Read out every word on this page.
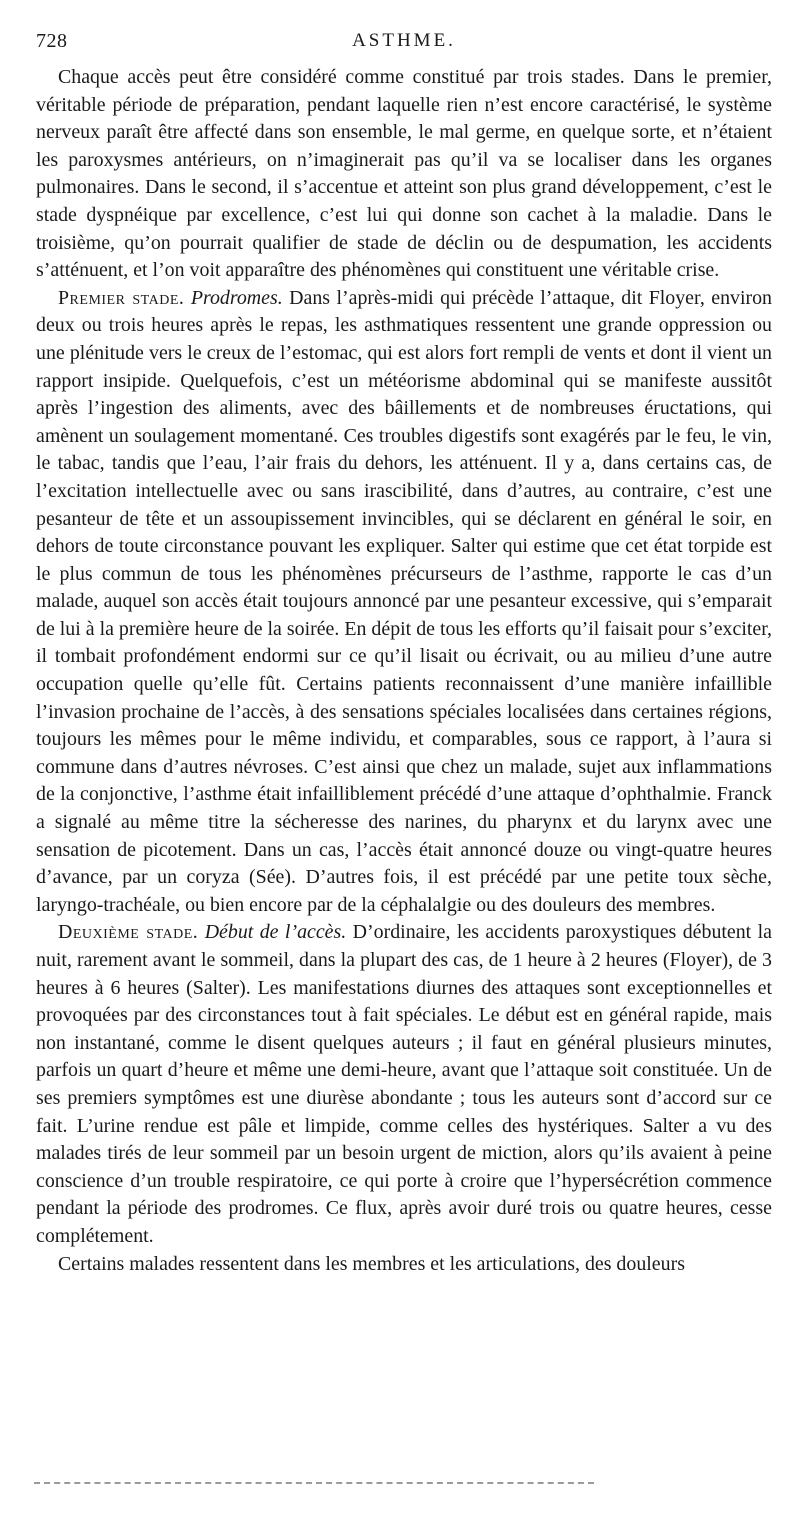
728	ASTHME.

Chaque accès peut être considéré comme constitué par trois stades. Dans le premier, véritable période de préparation, pendant laquelle rien n’est encore caractérisé, le système nerveux paraît être affecté dans son ensemble, le mal germe, en quelque sorte, et n’étaient les paroxysmes antérieurs, on n’imaginerait pas qu’il va se localiser dans les organes pulmonaires. Dans le second, il s’accentue et atteint son plus grand développement, c’est le stade dyspnéique par excellence, c’est lui qui donne son cachet à la maladie. Dans le troisième, qu’on pourrait qualifier de stade de déclin ou de despumation, les accidents s’atténuent, et l’on voit apparaître des phénomènes qui constituent une véritable crise.

Premier stade. Prodromes. Dans l’après-midi qui précède l’attaque, dit Floyer, environ deux ou trois heures après le repas, les asthmatiques ressentent une grande oppression ou une plénitude vers le creux de l’estomac, qui est alors fort rempli de vents et dont il vient un rapport insipide. Quelquefois, c’est un météorisme abdominal qui se manifeste aussitôt après l’ingestion des aliments, avec des bâillements et de nombreuses éructations, qui amènent un soulagement momentané. Ces troubles digestifs sont exagérés par le feu, le vin, le tabac, tandis que l’eau, l’air frais du dehors, les atténuent. Il y a, dans certains cas, de l’excitation intellectuelle avec ou sans irascibilité, dans d’autres, au contraire, c’est une pesanteur de tête et un assoupissement invincibles, qui se déclarent en général le soir, en dehors de toute circonstance pouvant les expliquer. Salter qui estime que cet état torpide est le plus commun de tous les phénomènes précurseurs de l’asthme, rapporte le cas d’un malade, auquel son accès était toujours annoncé par une pesanteur excessive, qui s’emparait de lui à la première heure de la soirée. En dépit de tous les efforts qu’il faisait pour s’exciter, il tombait profondément endormi sur ce qu’il lisait ou écrivait, ou au milieu d’une autre occupation quelle qu’elle fût. Certains patients reconnaissent d’une manière infaillible l’invasion prochaine de l’accès, à des sensations spéciales localisées dans certaines régions, toujours les mêmes pour le même individu, et comparables, sous ce rapport, à l’aura si commune dans d’autres névroses. C’est ainsi que chez un malade, sujet aux inflammations de la conjonctive, l’asthme était infailliblement précédé d’une attaque d’ophthalmie. Franck a signalé au même titre la sécheresse des narines, du pharynx et du larynx avec une sensation de picotement. Dans un cas, l’accès était annoncé douze ou vingt-quatre heures d’avance, par un coryza (Sée). D’autres fois, il est précédé par une petite toux sèche, laryngo-trachéale, ou bien encore par de la céphalalgie ou des douleurs des membres.

Deuxième stade. Début de l’accès. D’ordinaire, les accidents paroxystiques débutent la nuit, rarement avant le sommeil, dans la plupart des cas, de 1 heure à 2 heures (Floyer), de 3 heures à 6 heures (Salter). Les manifestations diurnes des attaques sont exceptionnelles et provoquées par des circonstances tout à fait spéciales. Le début est en général rapide, mais non instantané, comme le disent quelques auteurs ; il faut en général plusieurs minutes, parfois un quart d’heure et même une demi-heure, avant que l’attaque soit constituée. Un de ses premiers symptômes est une diurèse abondante ; tous les auteurs sont d’accord sur ce fait. L’urine rendue est pâle et limpide, comme celles des hystériques. Salter a vu des malades tirés de leur sommeil par un besoin urgent de miction, alors qu’ils avaient à peine conscience d’un trouble respiratoire, ce qui porte à croire que l’hypersécrétion commence pendant la période des prodromes. Ce flux, après avoir duré trois ou quatre heures, cesse complétement.

Certains malades ressentent dans les membres et les articulations, des douleurs
